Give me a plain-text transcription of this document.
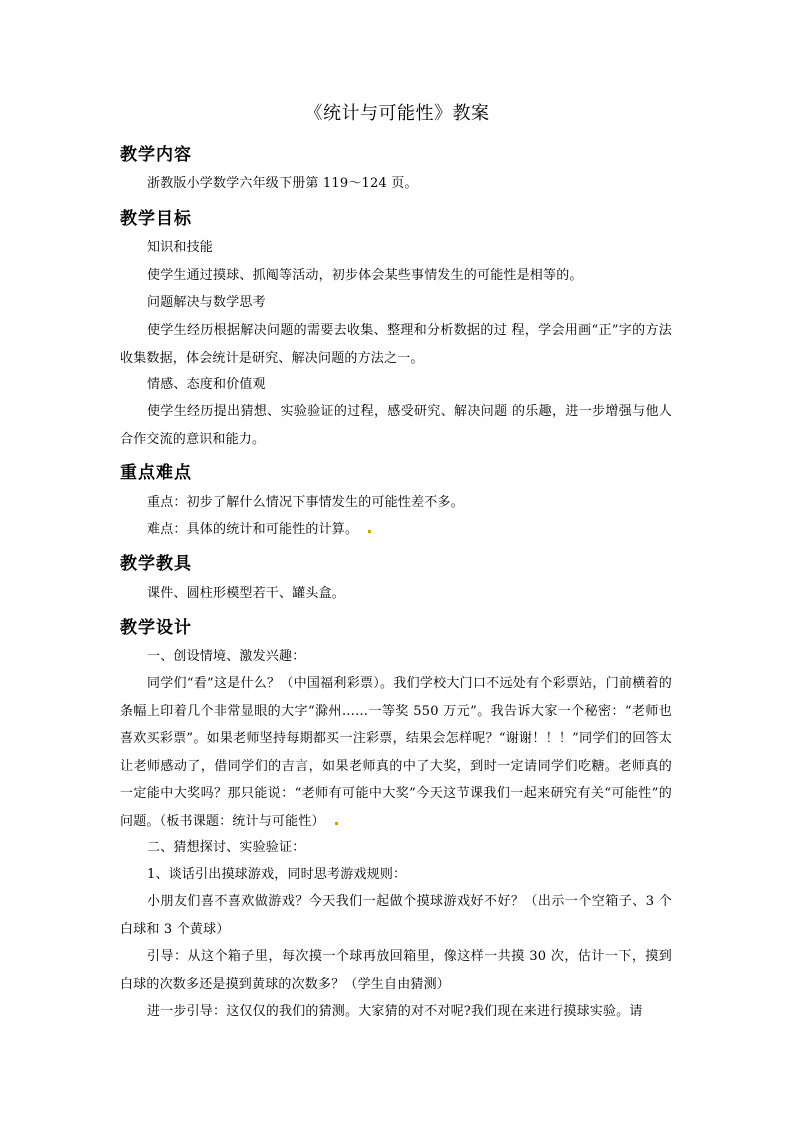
《统计与可能性》教案
教学内容
浙教版小学数学六年级下册第 119～124 页。
教学目标
知识和技能
使学生通过摸球、抓阄等活动，初步体会某些事情发生的可能性是相等的。
问题解决与数学思考
使学生经历根据解决问题的需要去收集、整理和分析数据的过 程，学会用画“正”字的方法收集数据，体会统计是研究、解决问题的方法之一。
情感、态度和价值观
使学生经历提出猜想、实验验证的过程，感受研究、解决问题 的乐趣，进一步增强与他人合作交流的意识和能力。
重点难点
重点：初步了解什么情况下事情发生的可能性差不多。
难点：具体的统计和可能性的计算。
教学教具
课件、圆柱形模型若干、罐头盒。
教学设计
一、创设情境、激发兴趣：
同学们“看”这是什么？（中国福利彩票）。我们学校大门口不远处有个彩票站，门前横着的条幅上印着几个非常显眼的大字“滁州……一等奖 550 万元”。我告诉大家一个秘密：“老师也喜欢买彩票”。如果老师坚持每期都买一注彩票，结果会怎样呢？“谢谢！！！”同学们的回答太让老师感动了，借同学们的吉言，如果老师真的中了大奖，到时一定请同学们吃糖。老师真的一定能中大奖吗？那只能说：“老师有可能中大奖”今天这节课我们一起来研究有关“可能性”的问题。（板书课题：统计与可能性）
二、猜想探讨、实验验证：
1、谈话引出摸球游戏，同时思考游戏规则：
小朋友们喜不喜欢做游戏？今天我们一起做个摸球游戏好不好？（出示一个空箱子、3 个白球和 3 个黄球）
引导：从这个箱子里，每次摸一个球再放回箱里，像这样一共摸 30 次，估计一下，摸到白球的次数多还是摸到黄球的次数多？（学生自由猜测）
进一步引导：这仅仅的我们的猜测。大家猜的对不对呢?我们现在来进行摸球实验。请
